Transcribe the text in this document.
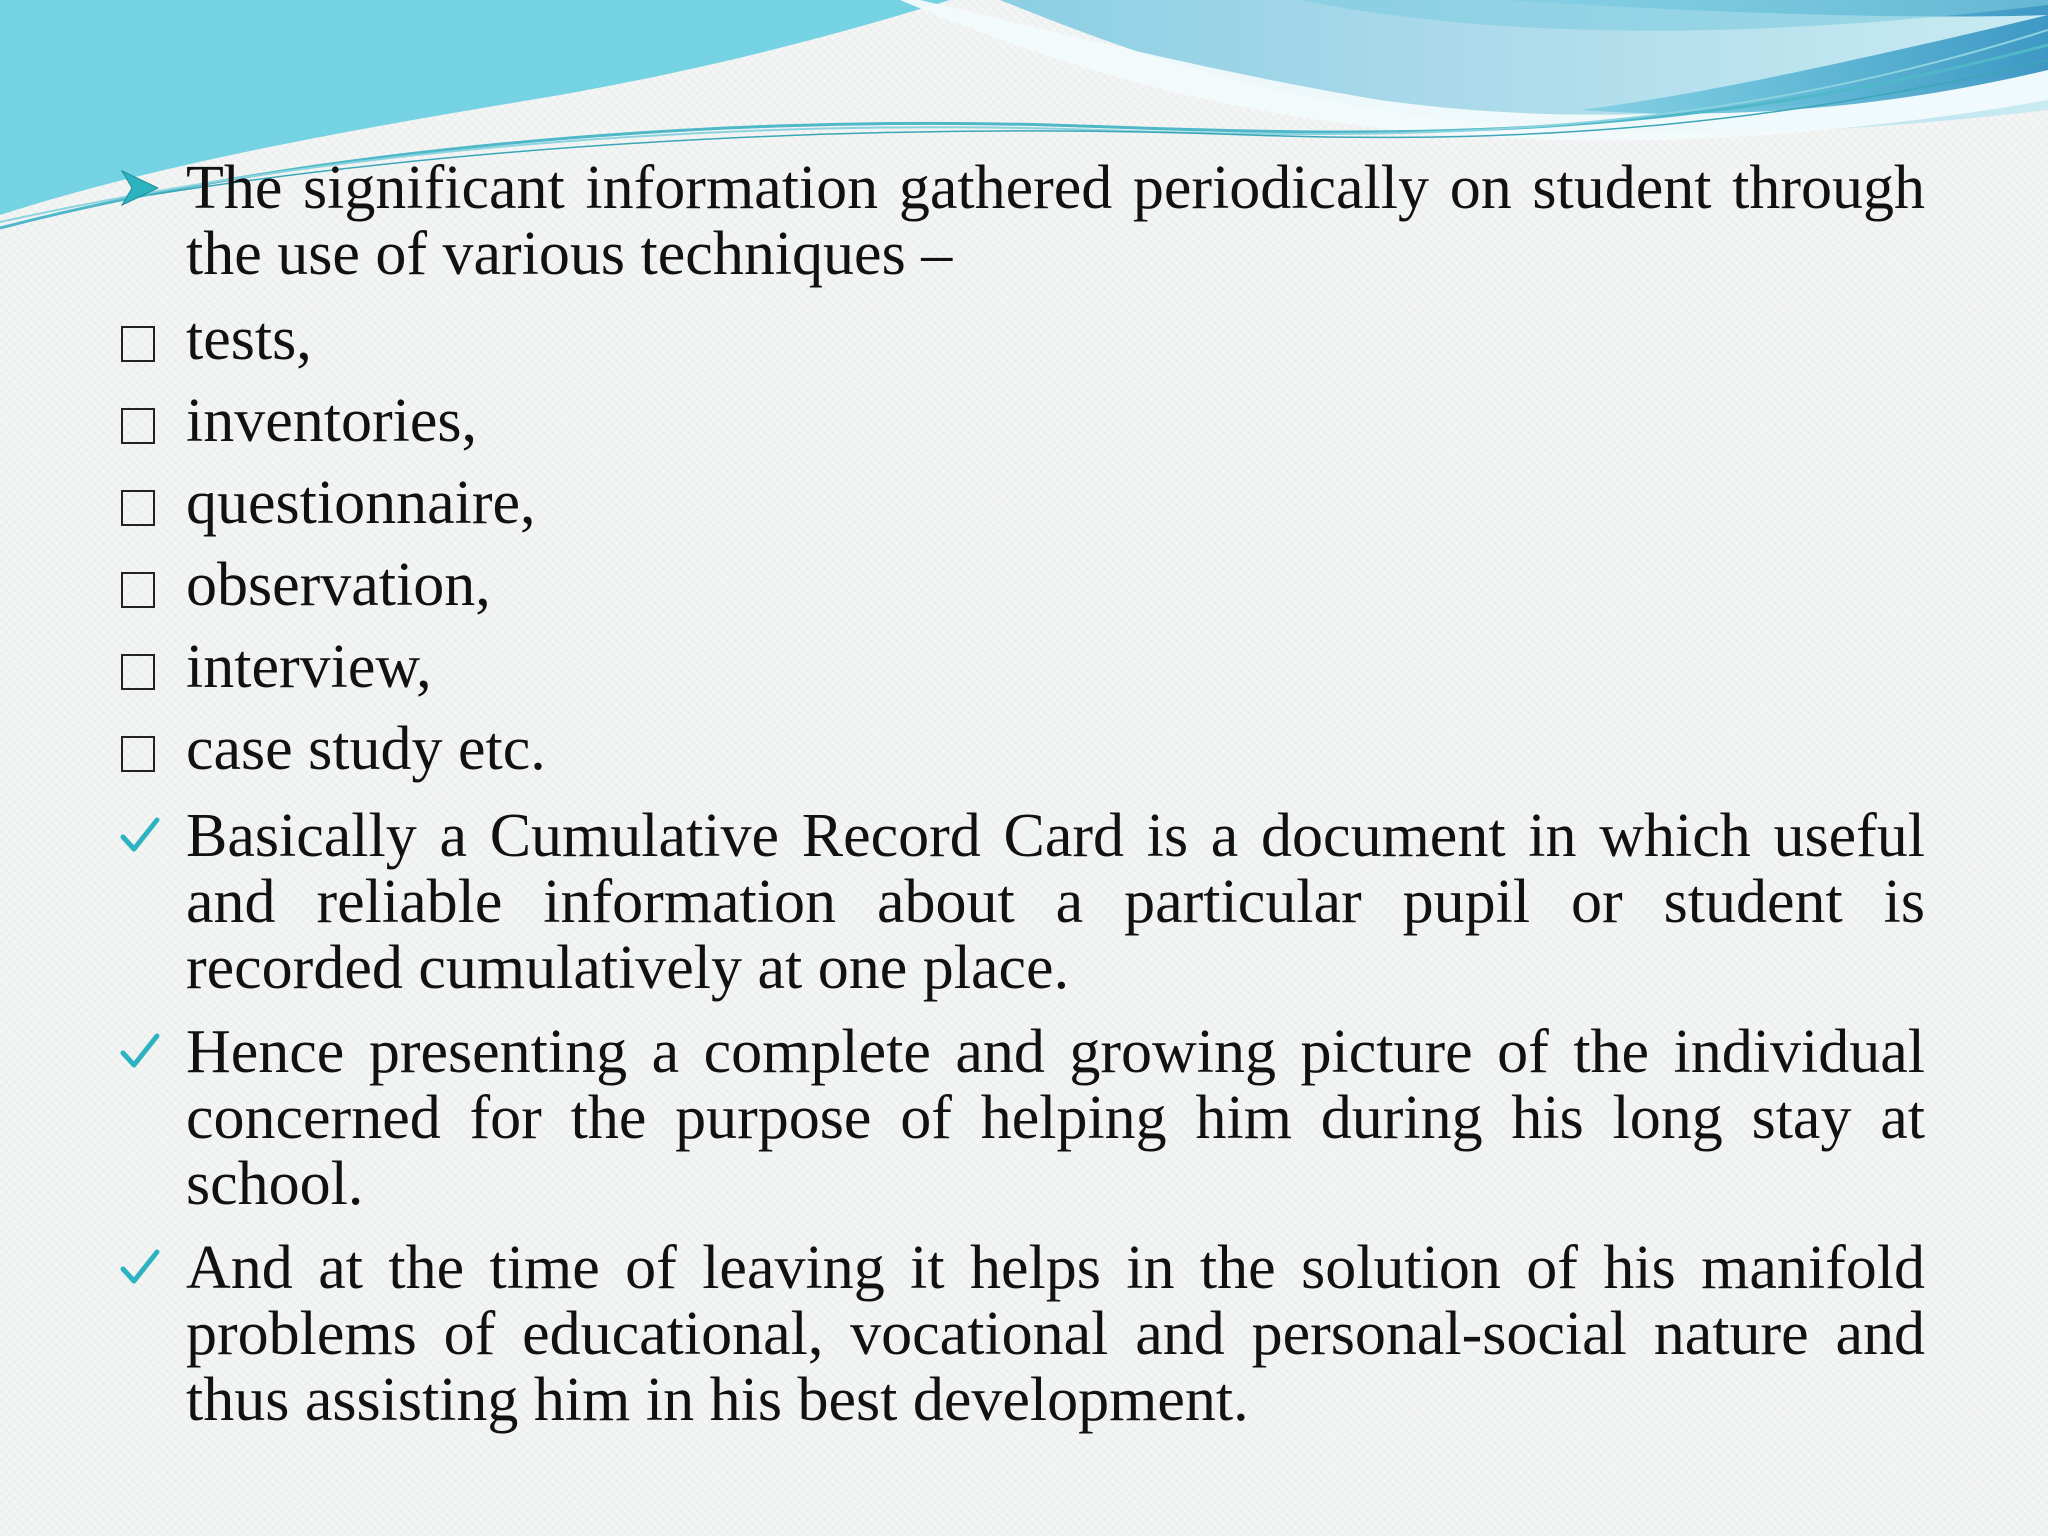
The significant information gathered periodically on student through the use of various techniques –
tests,
inventories,
questionnaire,
observation,
interview,
case study etc.
Basically a Cumulative Record Card is a document in which useful and reliable information about a particular pupil or student is recorded cumulatively at one place.
Hence presenting a complete and growing picture of the individual concerned for the purpose of helping him during his long stay at school.
And at the time of leaving it helps in the solution of his manifold problems of educational, vocational and personal-social nature and thus assisting him in his best development.
